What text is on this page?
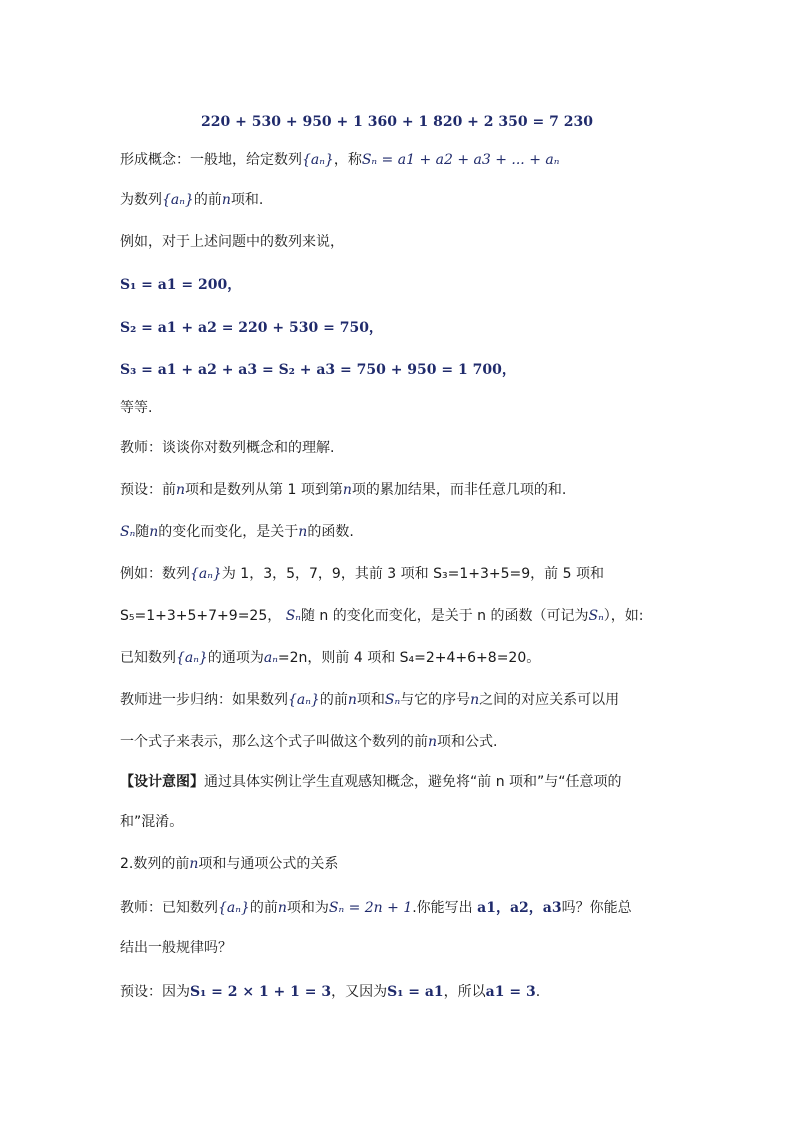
220 + 530 + 950 + 1 360 + 1 820 + 2 350 = 7 230
形成概念：一般地，给定数列{aₙ}，称Sₙ = a1 + a2 + a3 + ... + aₙ
为数列{aₙ}的前n项和.
例如，对于上述问题中的数列来说，
S₁ = a1 = 200，
S₂ = a1 + a2 = 220 + 530 = 750，
S₃ = a1 + a2 + a3 = S₂ + a3 = 750 + 950 = 1 700，
等等.
教师：谈谈你对数列概念和的理解.
预设：前n项和是数列从第 1 项到第n项的累加结果，而非任意几项的和.
Sₙ随n的变化而变化，是关于n的函数.
例如：数列{aₙ}为 1，3，5，7，9，其前 3 项和 S₃=1+3+5=9，前 5 项和
S₅=1+3+5+7+9=25， Sₙ随 n 的变化而变化，是关于 n 的函数（可记为Sₙ），如:
已知数列{aₙ}的通项为aₙ=2n，则前 4 项和 S₄=2+4+6+8=20。
教师进一步归纳：如果数列{aₙ}的前n项和Sₙ与它的序号n之间的对应关系可以用
一个式子来表示，那么这个式子叫做这个数列的前n项和公式.
【设计意图】通过具体实例让学生直观感知概念，避免将“前 n 项和”与“任意项的
和”混淆。
2.数列的前n项和与通项公式的关系
教师：已知数列{aₙ}的前n项和为Sₙ = 2n + 1.你能写出 a1，a2，a3吗？你能总
结出一般规律吗？
预设：因为S₁ = 2 × 1 + 1 = 3，又因为S₁ = a1，所以a1 = 3.
